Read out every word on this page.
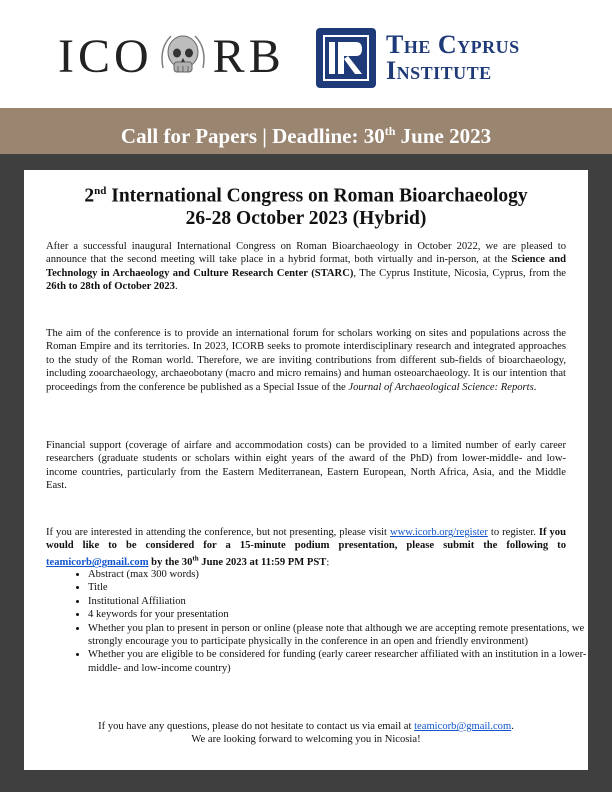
ICO RB	The Cyprus
Institute
Call for Papers | Deadline: 30th June 2023
2nd International Congress on Roman Bioarchaeology
26-28 October 2023 (Hybrid)
After a successful inaugural International Congress on Roman Bioarchaeology in October 2022, we are pleased to announce that the second meeting will take place in a hybrid format, both virtually and in-person, at the Science and Technology in Archaeology and Culture Research Center (STARC), The Cyprus Institute, Nicosia, Cyprus, from the 26th to 28th of October 2023.
The aim of the conference is to provide an international forum for scholars working on sites and populations across the Roman Empire and its territories. In 2023, ICORB seeks to promote interdisciplinary research and integrated approaches to the study of the Roman world. Therefore, we are inviting contributions from different sub-fields of bioarchaeology, including zooarchaeology, archaeobotany (macro and micro remains) and human osteoarchaeology. It is our intention that proceedings from the conference be published as a Special Issue of the Journal of Archaeological Science: Reports.
Financial support (coverage of airfare and accommodation costs) can be provided to a limited number of early career researchers (graduate students or scholars within eight years of the award of the PhD) from lower-middle- and low-income countries, particularly from the Eastern Mediterranean, Eastern European, North Africa, Asia, and the Middle East.
If you are interested in attending the conference, but not presenting, please visit www.icorb.org/register to register. If you would like to be considered for a 15-minute podium presentation, please submit the following to teamicorb@gmail.com by the 30th June 2023 at 11:59 PM PST:
• Abstract (max 300 words)
• Title
• Institutional Affiliation
• 4 keywords for your presentation
• Whether you plan to present in person or online (please note that although we are accepting remote presentations, we strongly encourage you to participate physically in the conference in an open and friendly environment)
• Whether you are eligible to be considered for funding (early career researcher affiliated with an institution in a lower-middle- and low-income country)
If you have any questions, please do not hesitate to contact us via email at teamicorb@gmail.com.
We are looking forward to welcoming you in Nicosia!
